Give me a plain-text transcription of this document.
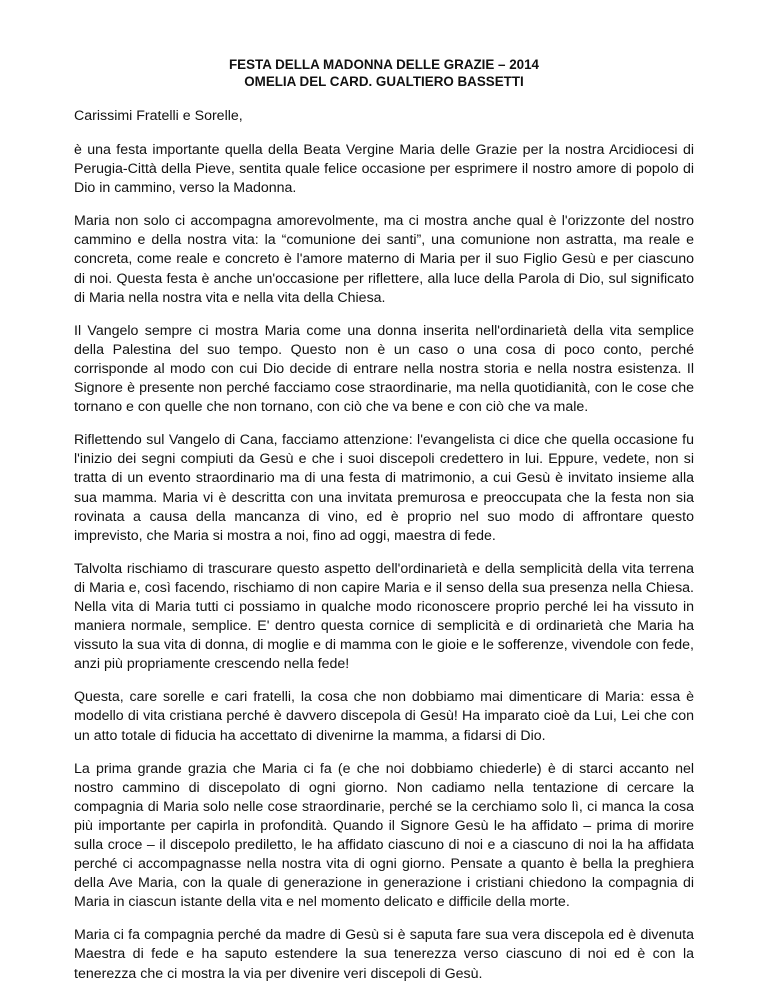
FESTA DELLA MADONNA DELLE GRAZIE – 2014
OMELIA DEL CARD. GUALTIERO BASSETTI

Carissimi Fratelli e Sorelle,

è una festa importante quella della Beata Vergine Maria delle Grazie per la nostra Arcidiocesi di Perugia-Città della Pieve, sentita quale felice occasione per esprimere il nostro amore di popolo di Dio in cammino, verso la Madonna.

Maria non solo ci accompagna amorevolmente, ma ci mostra anche qual è l'orizzonte del nostro cammino e della nostra vita: la “comunione dei santi”, una comunione non astratta, ma reale e concreta, come reale e concreto è l'amore materno di Maria per il suo Figlio Gesù e per ciascuno di noi. Questa festa è anche un'occasione per riflettere, alla luce della Parola di Dio, sul significato di Maria nella nostra vita e nella vita della Chiesa.

Il Vangelo sempre ci mostra Maria come una donna inserita nell'ordinarietà della vita semplice della Palestina del suo tempo. Questo non è un caso o una cosa di poco conto, perché corrisponde al modo con cui Dio decide di entrare nella nostra storia e nella nostra esistenza. Il Signore è presente non perché facciamo cose straordinarie, ma nella quotidianità, con le cose che tornano e con quelle che non tornano, con ciò che va bene e con ciò che va male.

Riflettendo sul Vangelo di Cana, facciamo attenzione: l'evangelista ci dice che quella occasione fu l'inizio dei segni compiuti da Gesù e che i suoi discepoli credettero in lui. Eppure, vedete, non si tratta di un evento straordinario ma di una festa di matrimonio, a cui Gesù è invitato insieme alla sua mamma. Maria vi è descritta con una invitata premurosa e preoccupata che la festa non sia rovinata a causa della mancanza di vino, ed è proprio nel suo modo di affrontare questo imprevisto, che Maria si mostra a noi, fino ad oggi, maestra di fede.

Talvolta rischiamo di trascurare questo aspetto dell'ordinarietà e della semplicità della vita terrena di Maria e, così facendo, rischiamo di non capire Maria e il senso della sua presenza nella Chiesa. Nella vita di Maria tutti ci possiamo in qualche modo riconoscere proprio perché lei ha vissuto in maniera normale, semplice. E' dentro questa cornice di semplicità e di ordinarietà che Maria ha vissuto la sua vita di donna, di moglie e di mamma con le gioie e le sofferenze, vivendole con fede, anzi più propriamente crescendo nella fede!

Questa, care sorelle e cari fratelli, la cosa che non dobbiamo mai dimenticare di Maria: essa è modello di vita cristiana perché è davvero discepola di Gesù! Ha imparato cioè da Lui, Lei che con un atto totale di fiducia ha accettato di divenirne la mamma, a fidarsi di Dio.

La prima grande grazia che Maria ci fa (e che noi dobbiamo chiederle) è di starci accanto nel nostro cammino di discepolato di ogni giorno. Non cadiamo nella tentazione di cercare la compagnia di Maria solo nelle cose straordinarie, perché se la cerchiamo solo lì, ci manca la cosa più importante per capirla in profondità. Quando il Signore Gesù le ha affidato – prima di morire sulla croce – il discepolo prediletto, le ha affidato ciascuno di noi e a ciascuno di noi la ha affidata perché ci accompagnasse nella nostra vita di ogni giorno. Pensate a quanto è bella la preghiera della Ave Maria, con la quale di generazione in generazione i cristiani chiedono la compagnia di Maria in ciascun istante della vita e nel momento delicato e difficile della morte.

Maria ci fa compagnia perché da madre di Gesù si è saputa fare sua vera discepola ed è divenuta Maestra di fede e ha saputo estendere la sua tenerezza verso ciascuno di noi ed è con la tenerezza che ci mostra la via per divenire veri discepoli di Gesù.
